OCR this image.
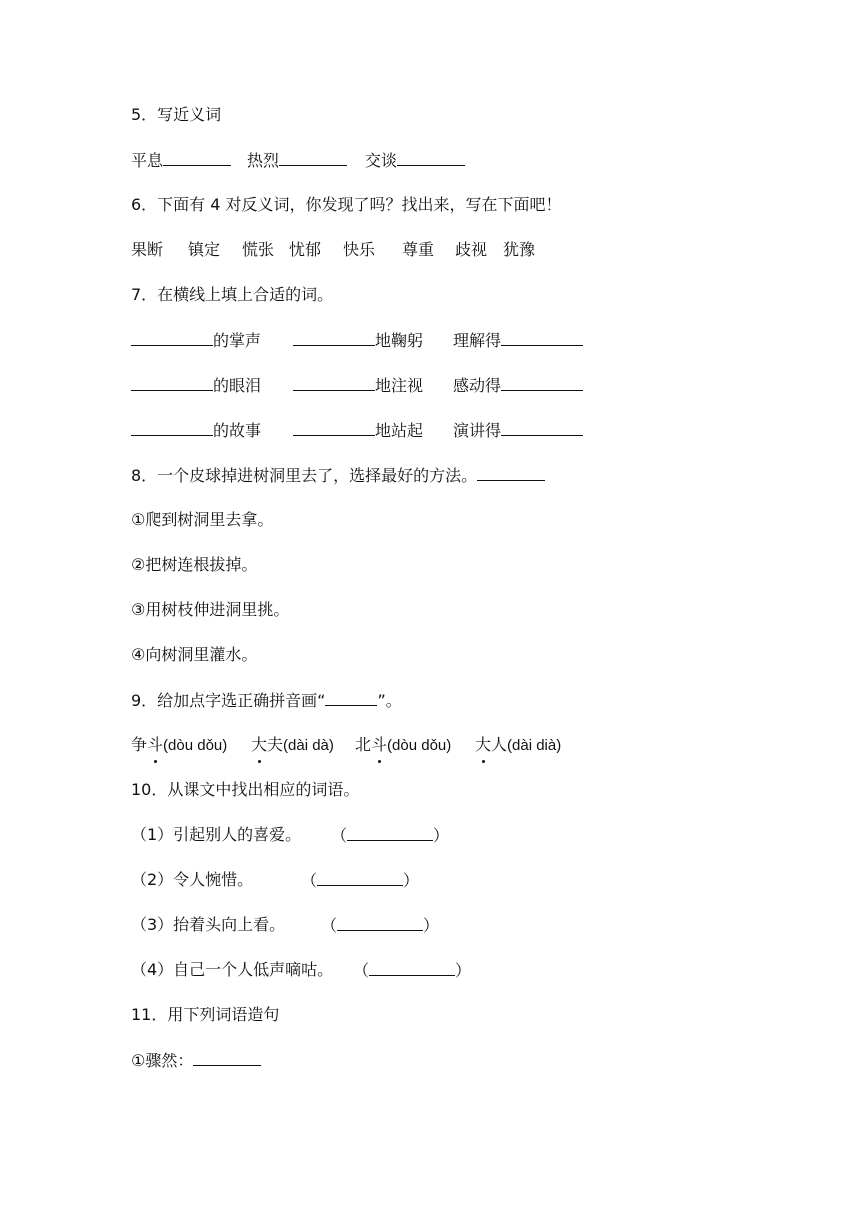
5．写近义词
平息	热烈	交谈
6．下面有 4 对反义词，你发现了吗？找出来，写在下面吧！
果断 镇定 慌张 忧郁 快乐 尊重 歧视 犹豫
7．在横线上填上合适的词。
的掌声	地鞠躬 理解得
的眼泪	地注视 感动得
的故事	地站起 演讲得
8．一个皮球掉进树洞里去了，选择最好的方法。
①爬到树洞里去拿。
②把树连根拔掉。
③用树枝伸进洞里挑。
④向树洞里灌水。
9．给加点字选正确拼音画“	”。
争斗(dòu dǒu) 大夫(dài dà) 北斗(dòu dǒu) 大人(dài dià)
10．从课文中找出相应的词语。
（1）引起别人的喜爱。 （	）
（2）令人惋惜。	（	）
（3）抬着头向上看。 （	）
（4）自己一个人低声嘀咕。 （	）
11．用下列词语造句
①骤然：
